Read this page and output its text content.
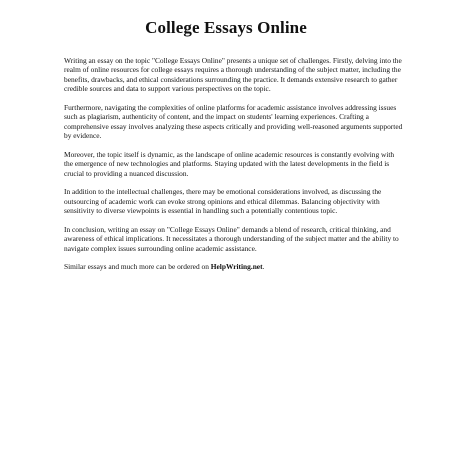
College Essays Online

Writing an essay on the topic "College Essays Online" presents a unique set of challenges. Firstly, delving into the realm of online resources for college essays requires a thorough understanding of the subject matter, including the benefits, drawbacks, and ethical considerations surrounding the practice. It demands extensive research to gather credible sources and data to support various perspectives on the topic.

Furthermore, navigating the complexities of online platforms for academic assistance involves addressing issues such as plagiarism, authenticity of content, and the impact on students' learning experiences. Crafting a comprehensive essay involves analyzing these aspects critically and providing well-reasoned arguments supported by evidence.

Moreover, the topic itself is dynamic, as the landscape of online academic resources is constantly evolving with the emergence of new technologies and platforms. Staying updated with the latest developments in the field is crucial to providing a nuanced discussion.

In addition to the intellectual challenges, there may be emotional considerations involved, as discussing the outsourcing of academic work can evoke strong opinions and ethical dilemmas. Balancing objectivity with sensitivity to diverse viewpoints is essential in handling such a potentially contentious topic.

In conclusion, writing an essay on "College Essays Online" demands a blend of research, critical thinking, and awareness of ethical implications. It necessitates a thorough understanding of the subject matter and the ability to navigate complex issues surrounding online academic assistance.

Similar essays and much more can be ordered on HelpWriting.net.
